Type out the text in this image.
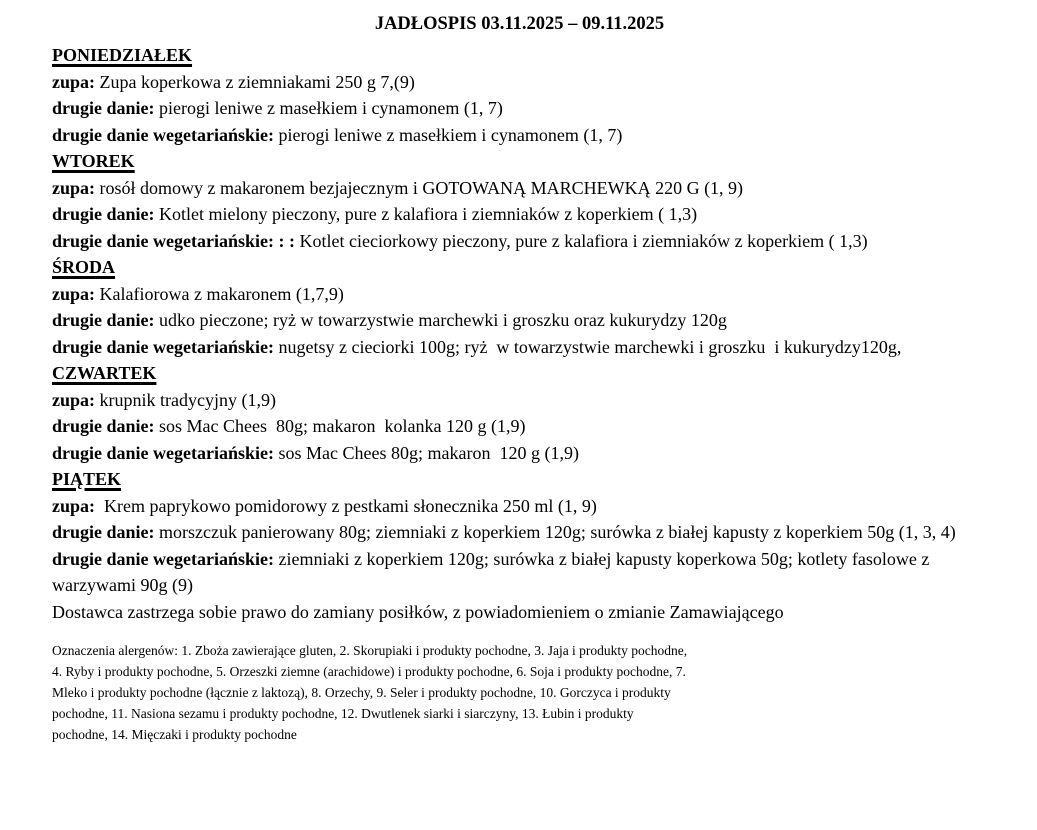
JADŁOSPIS 03.11.2025 – 09.11.2025
PONIEDZIAŁEK
zupa: Zupa koperkowa z ziemniakami 250 g 7,(9)
drugie danie: pierogi leniwe z masełkiem i cynamonem (1, 7)
drugie danie wegetariańskie: pierogi leniwe z masełkiem i cynamonem (1, 7)
WTOREK
zupa: rosół domowy z makaronem bezjajecznym i GOTOWANĄ MARCHEWKĄ 220 G (1, 9)
drugie danie: Kotlet mielony pieczony, pure z kalafiora i ziemniaków z koperkiem ( 1,3)
drugie danie wegetariańskie: : : Kotlet cieciorkowy pieczony, pure z kalafiora i ziemniaków z koperkiem ( 1,3)
ŚRODA
zupa: Kalafiorowa z makaronem (1,7,9)
drugie danie: udko pieczone; ryż w towarzystwie marchewki i groszku oraz kukurydzy 120g
drugie danie wegetariańskie: nugetsy z cieciorki 100g; ryż  w towarzystwie marchewki i groszku  i kukurydzy120g,
CZWARTEK
zupa: krupnik tradycyjny (1,9)
drugie danie: sos Mac Chees  80g; makaron  kolanka 120 g (1,9)
drugie danie wegetariańskie: sos Mac Chees 80g; makaron  120 g (1,9)
PIĄTEK
zupa:  Krem paprykowo pomidorowy z pestkami słonecznika 250 ml (1, 9)
drugie danie: morszczuk panierowany 80g; ziemniaki z koperkiem 120g; surówka z białej kapusty z koperkiem 50g (1, 3, 4)
drugie danie wegetariańskie: ziemniaki z koperkiem 120g; surówka z białej kapusty koperkowa 50g; kotlety fasolowe z warzywami 90g (9)
Dostawca zastrzega sobie prawo do zamiany posiłków, z powiadomieniem o zmianie Zamawiającego
Oznaczenia alergenów: 1. Zboża zawierające gluten, 2. Skorupiaki i produkty pochodne, 3. Jaja i produkty pochodne,
4. Ryby i produkty pochodne, 5. Orzeszki ziemne (arachidowe) i produkty pochodne, 6. Soja i produkty pochodne, 7.
Mleko i produkty pochodne (łącznie z laktozą), 8. Orzechy, 9. Seler i produkty pochodne, 10. Gorczyca i produkty
pochodne, 11. Nasiona sezamu i produkty pochodne, 12. Dwutlenek siarki i siarczyny, 13. Łubin i produkty
pochodne, 14. Mięczaki i produkty pochodne
